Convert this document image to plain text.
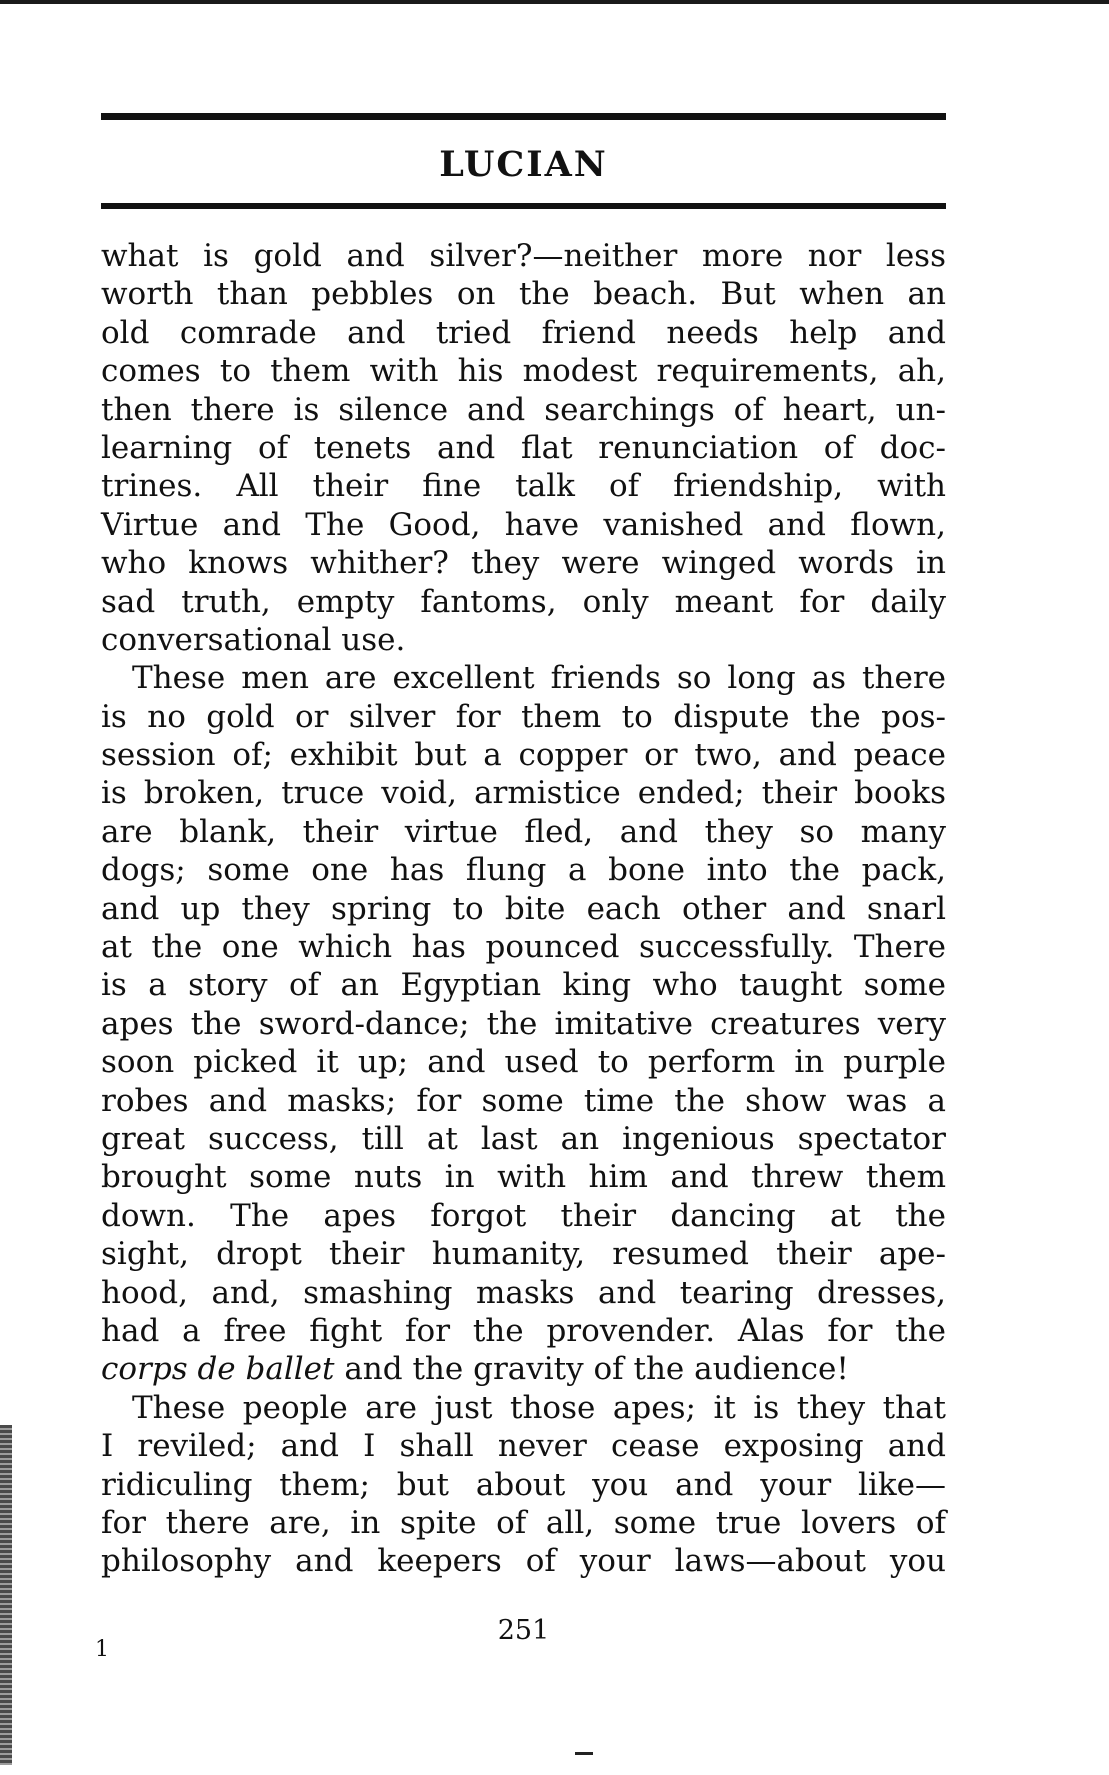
LUCIAN
what is gold and silver?—neither more nor less
worth than pebbles on the beach. But when an
old comrade and tried friend needs help and
comes to them with his modest requirements, ah,
then there is silence and searchings of heart, un-
learning of tenets and flat renunciation of doc-
trines. All their fine talk of friendship, with
Virtue and The Good, have vanished and flown,
who knows whither? they were winged words in
sad truth, empty fantoms, only meant for daily
conversational use.
These men are excellent friends so long as there
is no gold or silver for them to dispute the pos-
session of; exhibit but a copper or two, and peace
is broken, truce void, armistice ended; their books
are blank, their virtue fled, and they so many
dogs; some one has flung a bone into the pack,
and up they spring to bite each other and snarl
at the one which has pounced successfully. There
is a story of an Egyptian king who taught some
apes the sword-dance; the imitative creatures very
soon picked it up; and used to perform in purple
robes and masks; for some time the show was a
great success, till at last an ingenious spectator
brought some nuts in with him and threw them
down. The apes forgot their dancing at the
sight, dropt their humanity, resumed their ape-
hood, and, smashing masks and tearing dresses,
had a free fight for the provender. Alas for the
corps de ballet and the gravity of the audience!
These people are just those apes; it is they that
I reviled; and I shall never cease exposing and
ridiculing them; but about you and your like—
for there are, in spite of all, some true lovers of
philosophy and keepers of your laws—about you
251
1
